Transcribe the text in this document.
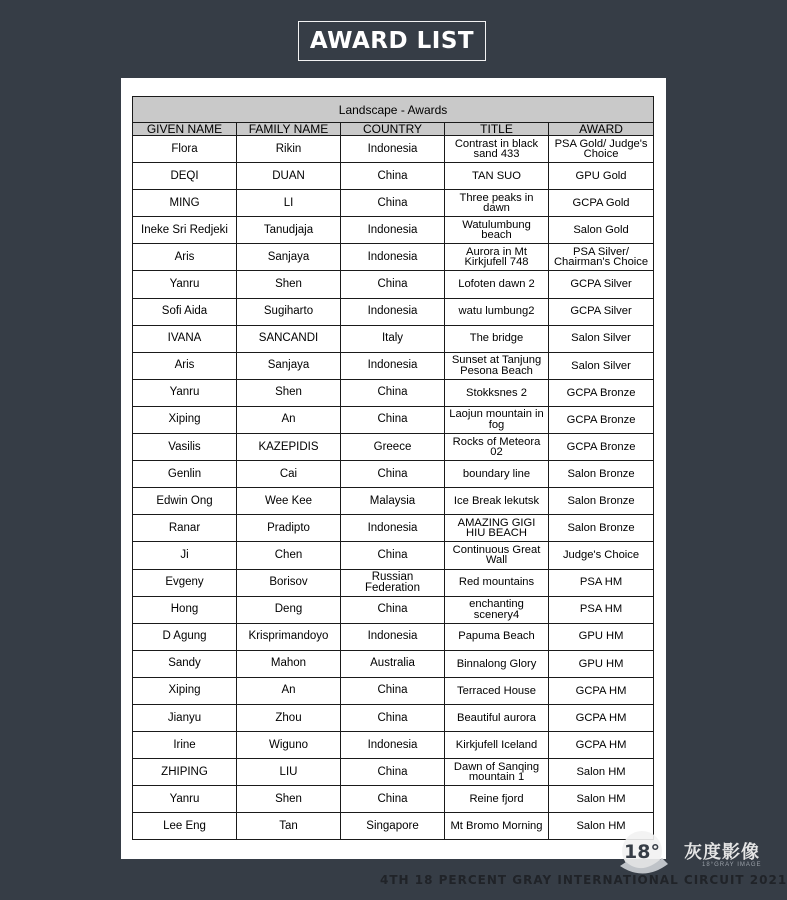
AWARD LIST
Landscape - Awards				
GIVEN NAME	FAMILY NAME	COUNTRY	TITLE	AWARD
Flora	Rikin	Indonesia	Contrast in black sand 433	PSA Gold/ Judge's Choice
DEQI	DUAN	China	TAN SUO	GPU Gold
MING	LI	China	Three peaks in dawn	GCPA Gold
Ineke Sri Redjeki	Tanudjaja	Indonesia	Watulumbung beach	Salon Gold
Aris	Sanjaya	Indonesia	Aurora in Mt Kirkjufell 748	PSA Silver/ Chairman's Choice
Yanru	Shen	China	Lofoten dawn 2	GCPA Silver
Sofi Aida	Sugiharto	Indonesia	watu lumbung2	GCPA Silver
IVANA	SANCANDI	Italy	The bridge	Salon Silver
Aris	Sanjaya	Indonesia	Sunset at Tanjung Pesona Beach	Salon Silver
Yanru	Shen	China	Stokksnes 2	GCPA Bronze
Xiping	An	China	Laojun mountain in fog	GCPA Bronze
Vasilis	KAZEPIDIS	Greece	Rocks of Meteora 02	GCPA Bronze
Genlin	Cai	China	boundary line	Salon Bronze
Edwin Ong	Wee Kee	Malaysia	Ice Break lekutsk	Salon Bronze
Ranar	Pradipto	Indonesia	AMAZING GIGI HIU BEACH	Salon Bronze
Ji	Chen	China	Continuous Great Wall	Judge's Choice
Evgeny	Borisov	Russian Federation	Red mountains	PSA HM
Hong	Deng	China	enchanting scenery4	PSA HM
D Agung	Krisprimandoyo	Indonesia	Papuma Beach	GPU HM
Sandy	Mahon	Australia	Binnalong Glory	GPU HM
Xiping	An	China	Terraced House	GCPA HM
Jianyu	Zhou	China	Beautiful aurora	GCPA HM
Irine	Wiguno	Indonesia	Kirkjufell Iceland	GCPA HM
ZHIPING	LIU	China	Dawn of Sanqing mountain 1	Salon HM
Yanru	Shen	China	Reine fjord	Salon HM
Lee Eng	Tan	Singapore	Mt Bromo Morning	Salon HM
18° 灰度影像
18°GRAY IMAGE
4TH 18 PERCENT GRAY INTERNATIONAL CIRCUIT 2021
